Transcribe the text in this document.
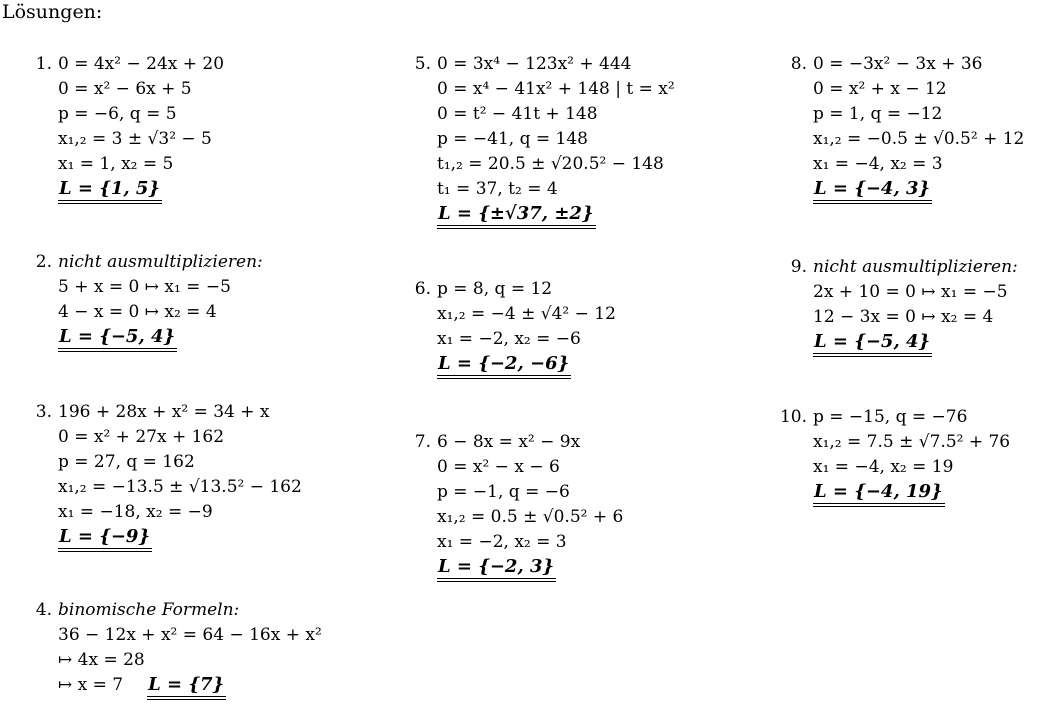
Lösungen:
1. 0 = 4x² − 24x + 20
0 = x² − 6x + 5
p = −6, q = 5
x₁,₂ = 3 ± √3² − 5
x₁ = 1, x₂ = 5
L = {1, 5}
2. nicht ausmultiplizieren:
5 + x = 0 ↦ x₁ = −5
4 − x = 0 ↦ x₂ = 4
L = {−5, 4}
3. 196 + 28x + x² = 34 + x
0 = x² + 27x + 162
p = 27, q = 162
x₁,₂ = −13.5 ± √13.5² − 162
x₁ = −18, x₂ = −9
L = {−9}
4. binomische Formeln:
36 − 12x + x² = 64 − 16x + x²
↦ 4x = 28
↦ x = 7 L = {7}
5. 0 = 3x⁴ − 123x² + 444
0 = x⁴ − 41x² + 148 | t = x²
0 = t² − 41t + 148
p = −41, q = 148
t₁,₂ = 20.5 ± √20.5² − 148
t₁ = 37, t₂ = 4
L = {±√37, ±2}
6. p = 8, q = 12
x₁,₂ = −4 ± √4² − 12
x₁ = −2, x₂ = −6
L = {−2, −6}
7. 6 − 8x = x² − 9x
0 = x² − x − 6
p = −1, q = −6
x₁,₂ = 0.5 ± √0.5² + 6
x₁ = −2, x₂ = 3
L = {−2, 3}
8. 0 = −3x² − 3x + 36
0 = x² + x − 12
p = 1, q = −12
x₁,₂ = −0.5 ± √0.5² + 12
x₁ = −4, x₂ = 3
L = {−4, 3}
9. nicht ausmultiplizieren:
2x + 10 = 0 ↦ x₁ = −5
12 − 3x = 0 ↦ x₂ = 4
L = {−5, 4}
10. p = −15, q = −76
x₁,₂ = 7.5 ± √7.5² + 76
x₁ = −4, x₂ = 19
L = {−4, 19}
